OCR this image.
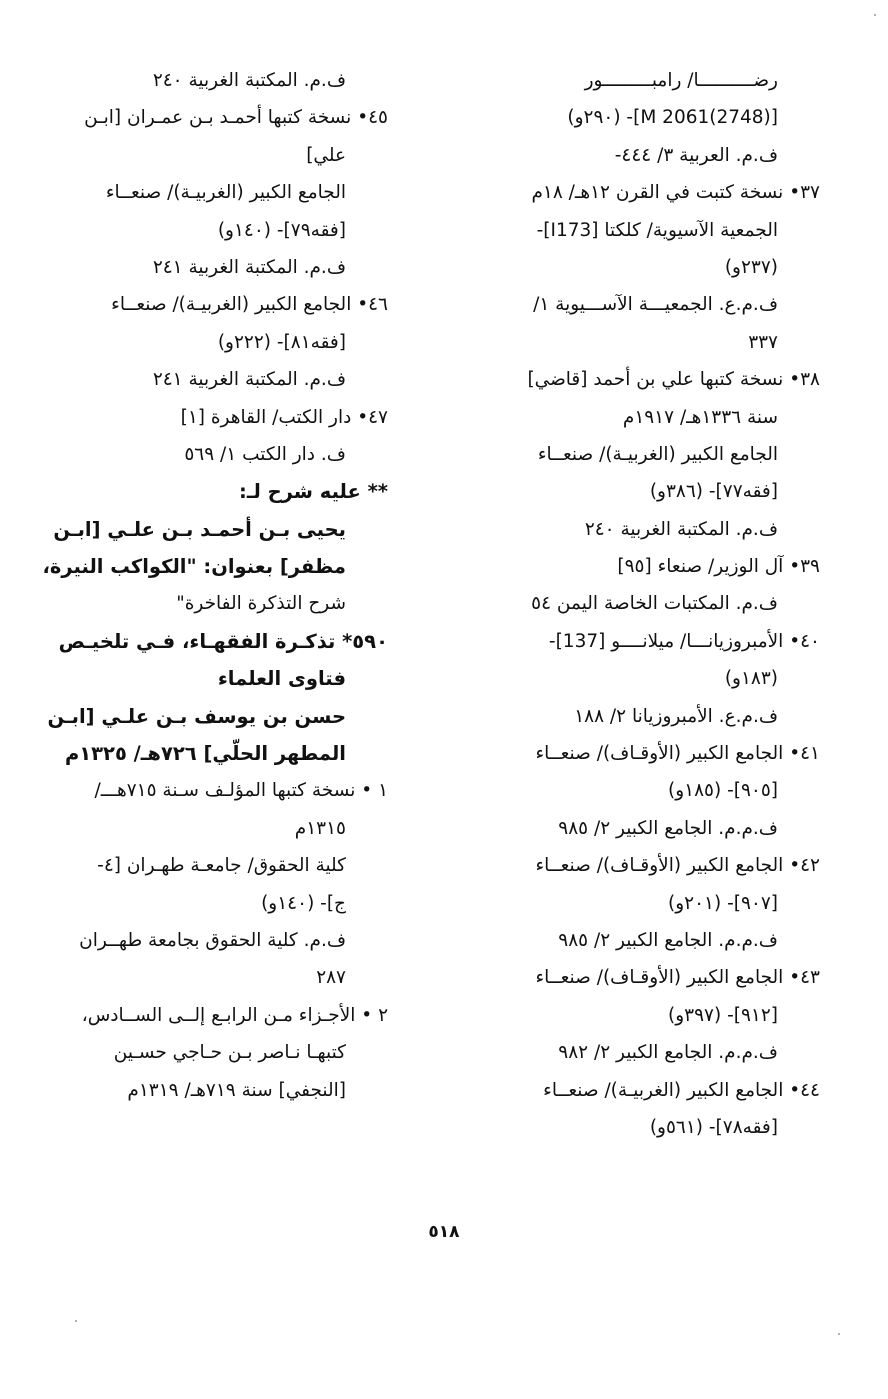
رضــــــــــا/ رامبـــــــــور
[M 2061(2748)]- (٢٩٠و)
ف.م. العربية ٣/ ٤٤٤-
٣٧• نسخة كتبت في القرن ١٢هـ/ ١٨م
الجمعية الآسيوية/ كلكتا [I173]-
(٢٣٧و)
ف.م.ع. الجمعيـــة الآســـيوية ١/
٣٣٧
٣٨• نسخة كتبها علي بن أحمد [قاضي]
سنة ١٣٣٦هـ/ ١٩١٧م
الجامع الكبير (الغربيـة)/ صنعــاء
[فقه٧٧]- (٣٨٦و)
ف.م. المكتبة الغربية ٢٤٠
٣٩• آل الوزير/ صنعاء [٩٥]
ف.م. المكتبات الخاصة اليمن ٥٤
٤٠• الأمبروزيانـــا/ ميلانــــو [137]-
(١٨٣و)
ف.م.ع. الأمبروزيانا ٢/ ١٨٨
٤١• الجامع الكبير (الأوقـاف)/ صنعــاء
[٩٠٥]- (١٨٥و)
ف.م.م. الجامع الكبير ٢/ ٩٨٥
٤٢• الجامع الكبير (الأوقـاف)/ صنعــاء
[٩٠٧]- (٢٠١و)
ف.م.م. الجامع الكبير ٢/ ٩٨٥
٤٣• الجامع الكبير (الأوقـاف)/ صنعــاء
[٩١٢]- (٣٩٧و)
ف.م.م. الجامع الكبير ٢/ ٩٨٢
٤٤• الجامع الكبير (الغربيـة)/ صنعــاء
[فقه٧٨]- (٥٦١و)
ف.م. المكتبة الغربية ٢٤٠
٤٥• نسخة كتبها أحمـد بـن عمـران [ابـن
علي]
الجامع الكبير (الغربيـة)/ صنعــاء
[فقه٧٩]- (١٤٠و)
ف.م. المكتبة الغربية ٢٤١
٤٦• الجامع الكبير (الغربيـة)/ صنعــاء
[فقه٨١]- (٢٢٢و)
ف.م. المكتبة الغربية ٢٤١
٤٧• دار الكتب/ القاهرة [١]
ف. دار الكتب ١/ ٥٦٩
** عليه شرح لـ:
يحيى بـن أحمـد بـن علـي [ابـن
مظفر] بعنوان: "الكواكب النيرة،
شرح التذكرة الفاخرة"
٥٩٠* تذكـرة الفقهـاء، فـي تلخيـص
فتاوى العلماء
حسن بن يوسف بـن علـي [ابـن
المطهر الحلّي] ٧٢٦هـ/ ١٣٢٥م
١ • نسخة كتبها المؤلـف سـنة ٧١٥هـــ/
١٣١٥م
كلية الحقوق/ جامعـة طهـران [٤-
ج]- (١٤٠و)
ف.م. كلية الحقوق بجامعة طهــران
٢٨٧
٢ • الأجـزاء مـن الرابـع إلــى الســادس،
كتبهـا نـاصر بـن حـاجي حسـين
[النجفي] سنة ٧١٩هـ/ ١٣١٩م
٥١٨
